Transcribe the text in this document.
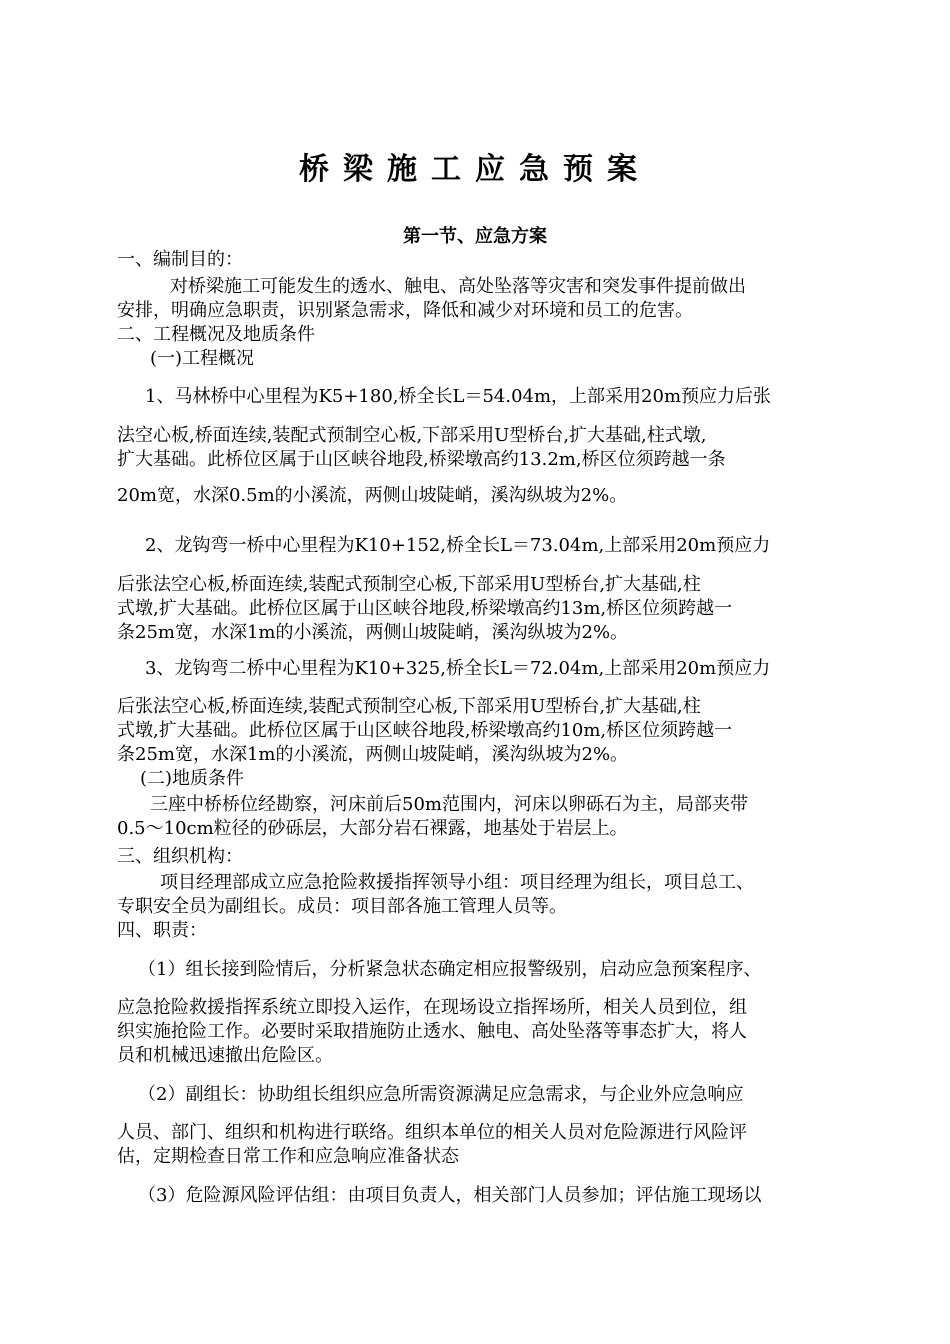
桥梁施工应急预案
第一节、应急方案
一、编制目的：
对桥梁施工可能发生的透水、触电、高处坠落等灾害和突发事件提前做出
安排，明确应急职责，识别紧急需求，降低和减少对环境和员工的危害。
二、工程概况及地质条件
(一)工程概况
1、马林桥中心里程为K5+180,桥全长L＝54.04m，上部采用20m预应力后张
法空心板,桥面连续,装配式预制空心板,下部采用U型桥台,扩大基础,柱式墩,
扩大基础。此桥位区属于山区峡谷地段,桥梁墩高约13.2m,桥区位须跨越一条
20m宽，水深0.5m的小溪流，两侧山坡陡峭，溪沟纵坡为2%。
2、龙钩弯一桥中心里程为K10+152,桥全长L＝73.04m,上部采用20m预应力
后张法空心板,桥面连续,装配式预制空心板,下部采用U型桥台,扩大基础,柱
式墩,扩大基础。此桥位区属于山区峡谷地段,桥梁墩高约13m,桥区位须跨越一
条25m宽，水深1m的小溪流，两侧山坡陡峭，溪沟纵坡为2%。
3、龙钩弯二桥中心里程为K10+325,桥全长L＝72.04m,上部采用20m预应力
后张法空心板,桥面连续,装配式预制空心板,下部采用U型桥台,扩大基础,柱
式墩,扩大基础。此桥位区属于山区峡谷地段,桥梁墩高约10m,桥区位须跨越一
条25m宽，水深1m的小溪流，两侧山坡陡峭，溪沟纵坡为2%。
(二)地质条件
三座中桥桥位经勘察，河床前后50m范围内，河床以卵砾石为主，局部夹带
0.5～10cm粒径的砂砾层，大部分岩石裸露，地基处于岩层上。
三、组织机构：
项目经理部成立应急抢险救援指挥领导小组：项目经理为组长，项目总工、
专职安全员为副组长。成员：项目部各施工管理人员等。
四、职责：
（1）组长接到险情后，分析紧急状态确定相应报警级别，启动应急预案程序、
应急抢险救援指挥系统立即投入运作，在现场设立指挥场所，相关人员到位，组
织实施抢险工作。必要时采取措施防止透水、触电、高处坠落等事态扩大，将人
员和机械迅速撤出危险区。
（2）副组长：协助组长组织应急所需资源满足应急需求，与企业外应急响应
人员、部门、组织和机构进行联络。组织本单位的相关人员对危险源进行风险评
估，定期检查日常工作和应急响应准备状态
（3）危险源风险评估组：由项目负责人，相关部门人员参加；评估施工现场以
